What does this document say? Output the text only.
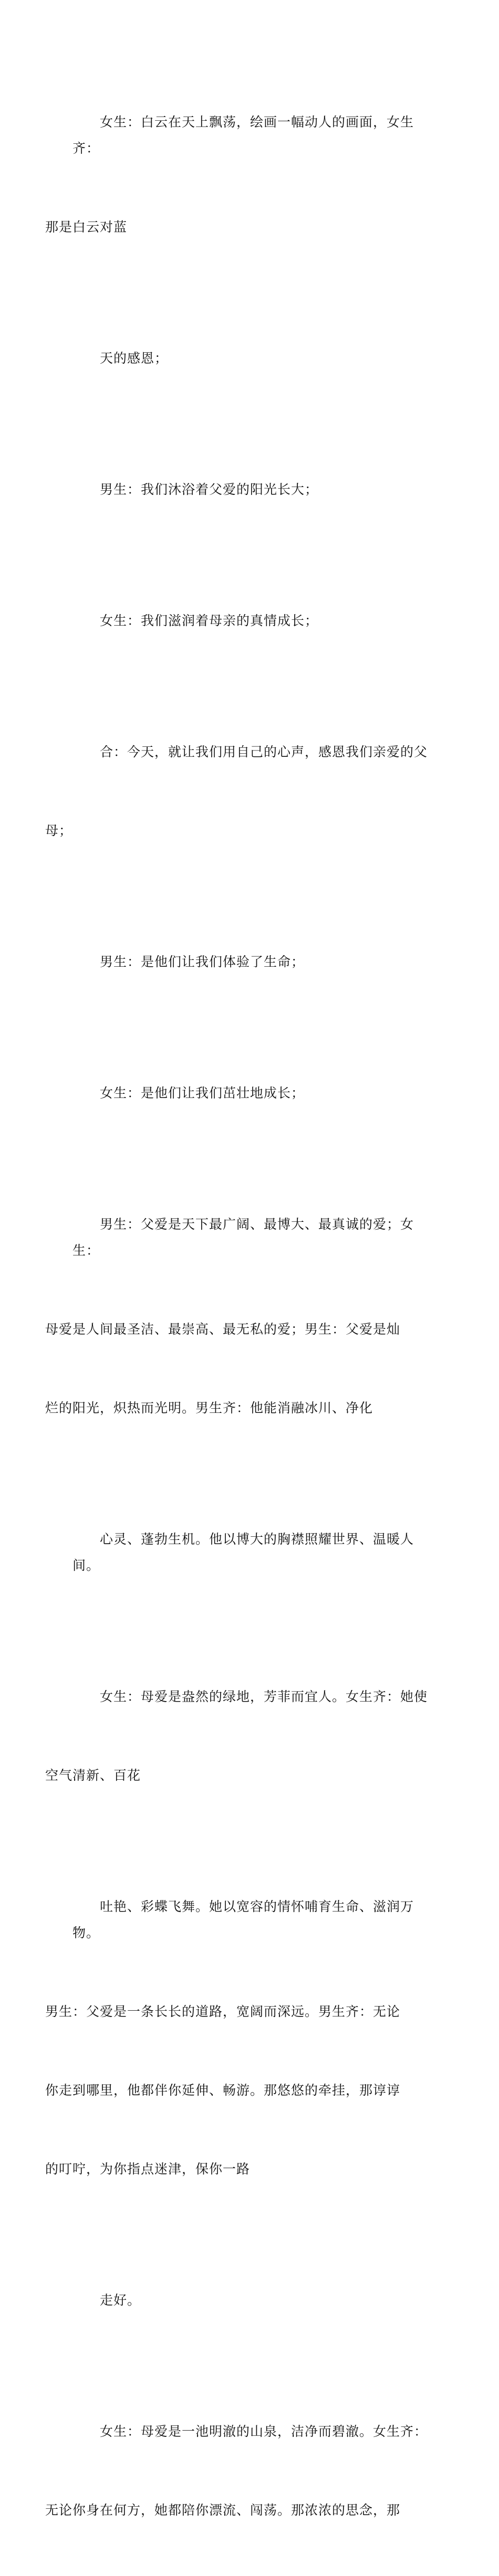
女生：白云在天上飘荡，绘画一幅动人的画面，女生齐：

那是白云对蓝

天的感恩；

男生：我们沐浴着父爱的阳光长大；

女生：我们滋润着母亲的真情成长；

合：今天，就让我们用自己的心声，感恩我们亲爱的父

母；

男生：是他们让我们体验了生命；

女生：是他们让我们茁壮地成长；

男生：父爱是天下最广阔、最博大、最真诚的爱；女生：

母爱是人间最圣洁、最崇高、最无私的爱；男生：父爱是灿

烂的阳光，炽热而光明。男生齐：他能消融冰川、净化

心灵、蓬勃生机。他以博大的胸襟照耀世界、温暖人间。

女生：母爱是盎然的绿地，芳菲而宜人。女生齐：她使

空气清新、百花

吐艳、彩蝶飞舞。她以宽容的情怀哺育生命、滋润万物。

男生：父爱是一条长长的道路，宽阔而深远。男生齐：无论

你走到哪里，他都伴你延伸、畅游。那悠悠的牵挂，那谆谆

的叮咛，为你指点迷津，保你一路

走好。

女生：母爱是一池明澈的山泉，洁净而碧澈。女生齐：

无论你身在何方，她都陪你漂流、闯荡。那浓浓的思念，那
